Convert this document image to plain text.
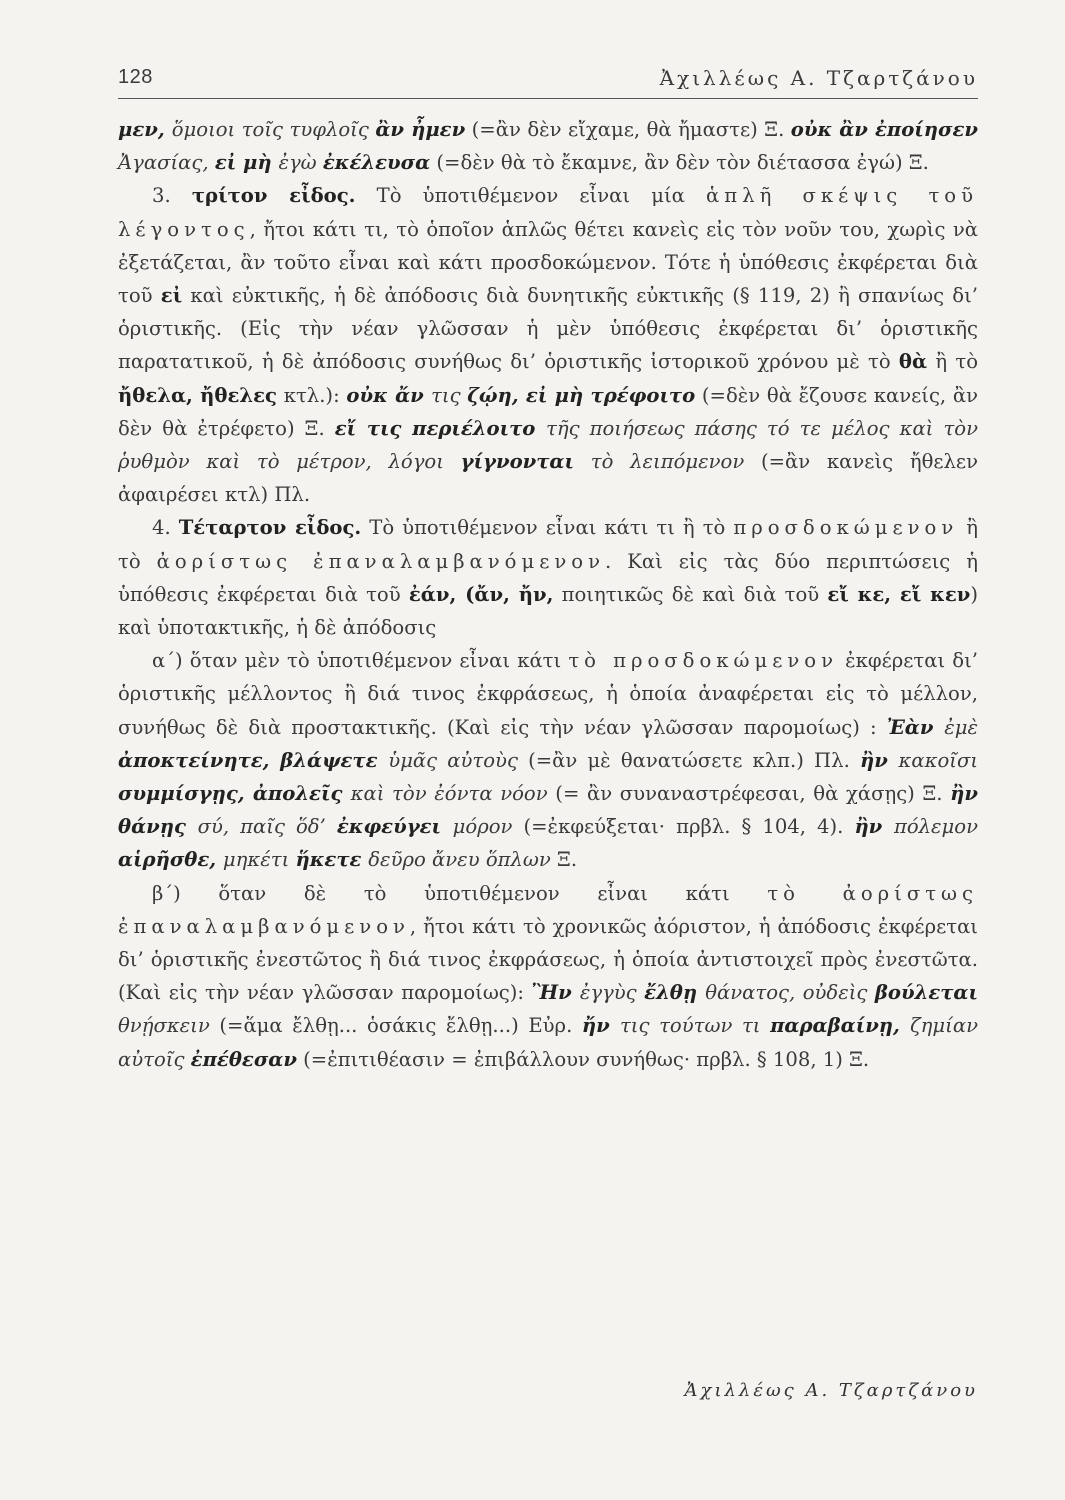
128	Ἀχιλλέως Α. Τζαρτζάνου

μεν, ὅμοιοι τοῖς τυφλοῖς ἂν ἦμεν (=ἂν δὲν εἴχαμε, θὰ ἤμαστε) Ξ. οὐκ ἂν ἐποίησεν Ἀγασίας, εἰ μὴ ἐγὼ ἐκέλευσα (=δὲν θὰ τὸ ἔκαμνε, ἂν δὲν τὸν διέτασσα ἐγώ) Ξ.

3. τρίτον εἶδος. Τὸ ὑποτιθέμενον εἶναι μία ἁπλῆ σκέψις τοῦ λέγοντος, ἤτοι κάτι τι, τὸ ὁποῖον ἁπλῶς θέτει κανεὶς εἰς τὸν νοῦν του, χωρὶς νὰ ἐξετάζεται, ἂν τοῦτο εἶναι καὶ κάτι προσδοκώμενον. Τότε ἡ ὑπόθεσις ἐκφέρεται διὰ τοῦ εἰ καὶ εὐκτικῆς, ἡ δὲ ἀπόδοσις διὰ δυνητικῆς εὐκτικῆς (§ 119, 2) ἢ σπανίως δι’ ὁριστικῆς. (Εἰς τὴν νέαν γλῶσσαν ἡ μὲν ὑπόθεσις ἐκφέρεται δι’ ὁριστικῆς παρατατικοῦ, ἡ δὲ ἀπόδοσις συνήθως δι’ ὁριστικῆς ἱστορικοῦ χρόνου μὲ τὸ θὰ ἢ τὸ ἤθελα, ἤθελες κτλ.): οὐκ ἄν τις ζῴη, εἰ μὴ τρέφοιτο (=δὲν θὰ ἔζουσε κανείς, ἂν δὲν θὰ ἐτρέφετο) Ξ. εἴ τις περιέλοιτο τῆς ποιήσεως πάσης τό τε μέλος καὶ τὸν ῥυθμὸν καὶ τὸ μέτρον, λόγοι γίγνονται τὸ λειπόμενον (=ἂν κανεὶς ἤθελεν ἀφαιρέσει κτλ) Πλ.

4. Τέταρτον εἶδος. Τὸ ὑποτιθέμενον εἶναι κάτι τι ἢ τὸ προσδοκώμενον ἢ τὸ ἀορίστως ἐπαναλαμβανόμενον. Καὶ εἰς τὰς δύο περιπτώσεις ἡ ὑπόθεσις ἐκφέρεται διὰ τοῦ ἐάν, (ἄν, ἤν, ποιητικῶς δὲ καὶ διὰ τοῦ εἴ κε, εἴ κεν) καὶ ὑποτακτικῆς, ἡ δὲ ἀπόδοσις

α΄) ὅταν μὲν τὸ ὑποτιθέμενον εἶναι κάτι τὸ προσδοκώμενον ἐκφέρεται δι’ ὁριστικῆς μέλλοντος ἢ διά τινος ἐκφράσεως, ἡ ὁποία ἀναφέρεται εἰς τὸ μέλλον, συνήθως δὲ διὰ προστακτικῆς. (Καὶ εἰς τὴν νέαν γλῶσσαν παρομοίως) : Ἐὰν ἐμὲ ἀποκτείνητε, βλάψετε ὑμᾶς αὐτοὺς (=ἂν μὲ θανατώσετε κλπ.) Πλ. ἢν κακοῖσι συμμίσγῃς, ἀπολεῖς καὶ τὸν ἐόντα νόον (= ἂν συναναστρέφεσαι, θὰ χάσῃς) Ξ. ἢν θάνῃς σύ, παῖς ὅδ’ ἐκφεύγει μόρον (=ἐκφεύξεται· πρβλ. § 104, 4). ἢν πόλεμον αἱρῆσθε, μηκέτι ἥκετε δεῦρο ἄνευ ὅπλων Ξ.

β΄) ὅταν δὲ τὸ ὑποτιθέμενον εἶναι κάτι τὸ ἀορίστως ἐπαναλαμβανόμενον, ἤτοι κάτι τὸ χρονικῶς ἀόριστον, ἡ ἀπόδοσις ἐκφέρεται δι’ ὁριστικῆς ἐνεστῶτος ἢ διά τινος ἐκφράσεως, ἡ ὁποία ἀντιστοιχεῖ πρὸς ἐνεστῶτα. (Καὶ εἰς τὴν νέαν γλῶσσαν παρομοίως): Ἢν ἐγγὺς ἔλθῃ θάνατος, οὐδεὶς βούλεται θνῄσκειν (=ἅμα ἔλθῃ... ὁσάκις ἔλθῃ...) Εὐρ. ἤν τις τούτων τι παραβαίνῃ, ζημίαν αὐτοῖς ἐπέθεσαν (=ἐπιτιθέασιν = ἐπιβάλλουν συνήθως· πρβλ. § 108, 1) Ξ.

Ἀχιλλέως Α. Τζαρτζάνου
